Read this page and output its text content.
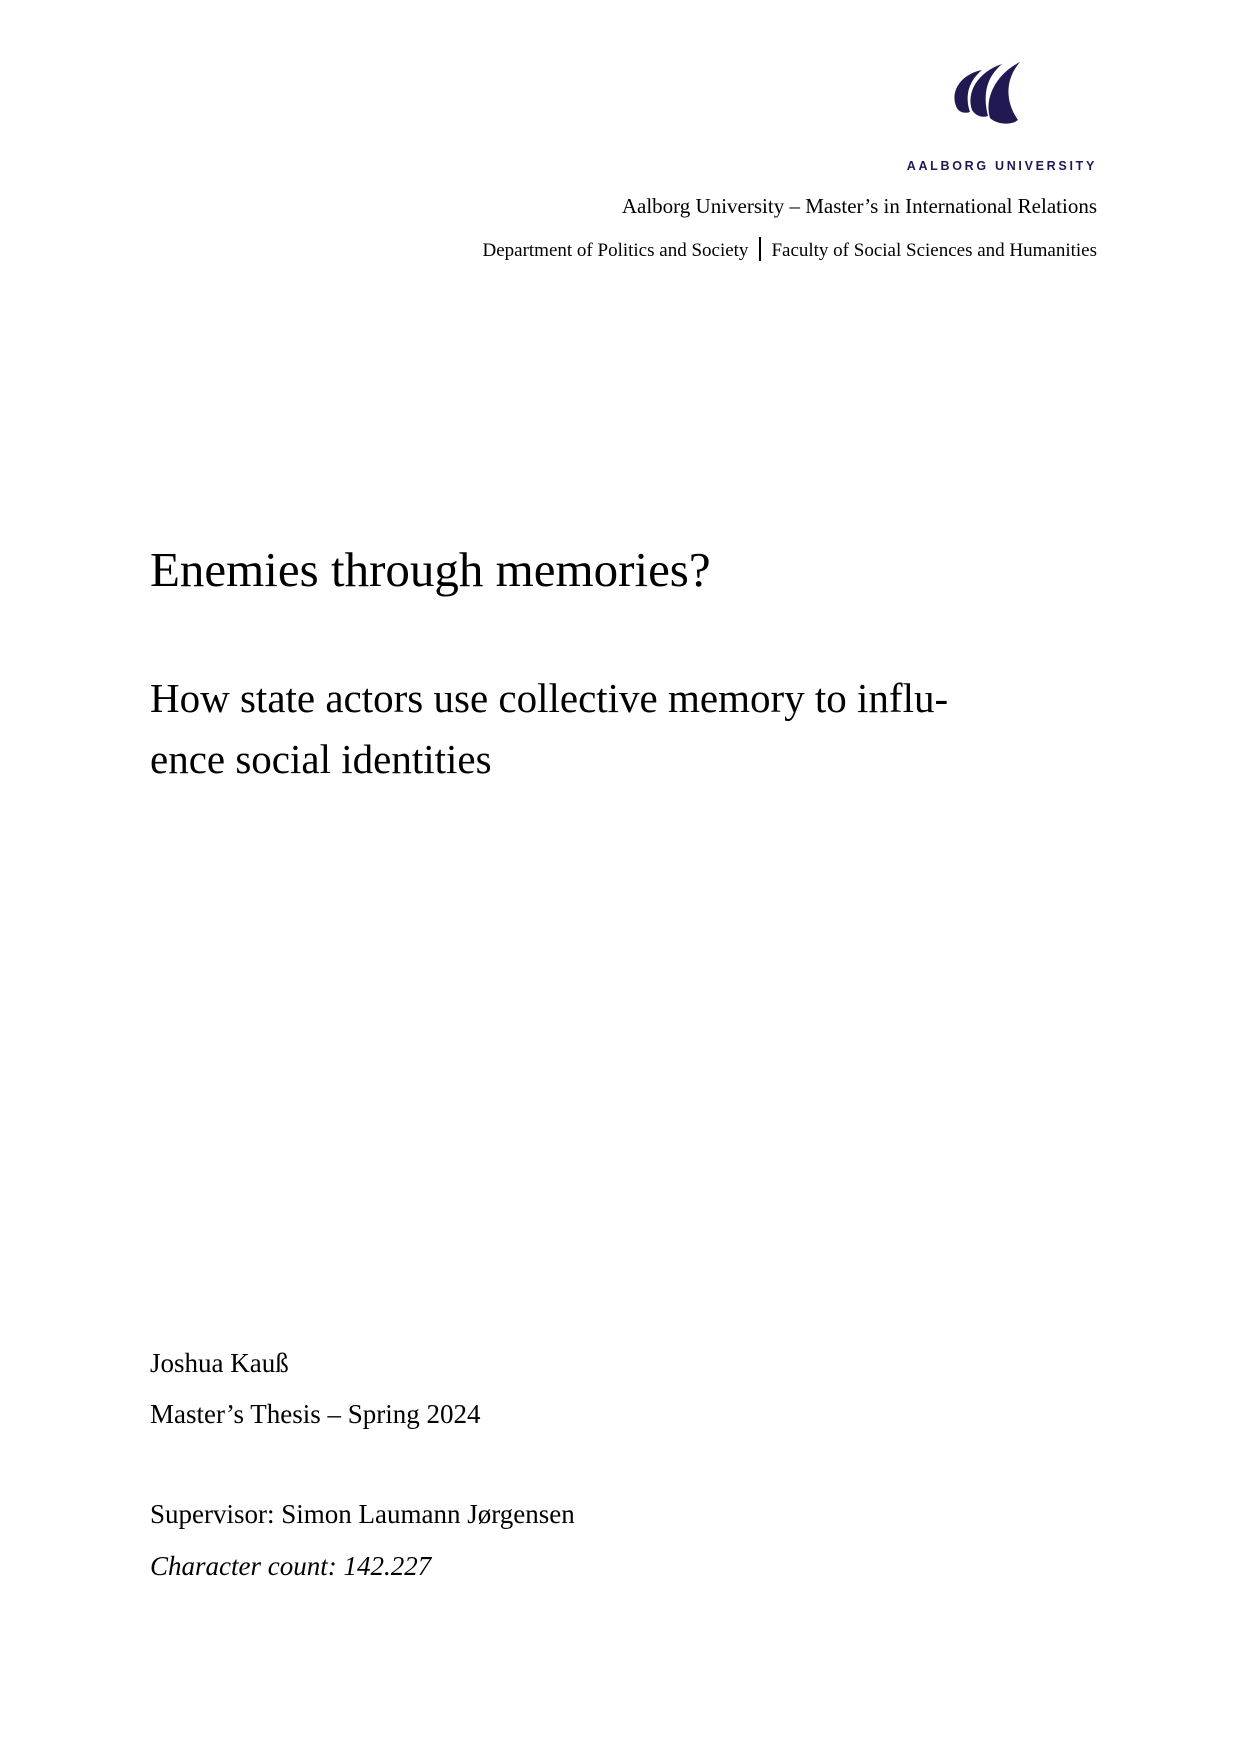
AALBORG UNIVERSITY
Aalborg University – Master’s in International Relations
Department of Politics and Society Faculty of Social Sciences and Humanities
Enemies through memories?
How state actors use collective memory to influ-
ence social identities
Joshua Kauß
Master’s Thesis – Spring 2024
Supervisor: Simon Laumann Jørgensen
Character count: 142.227
